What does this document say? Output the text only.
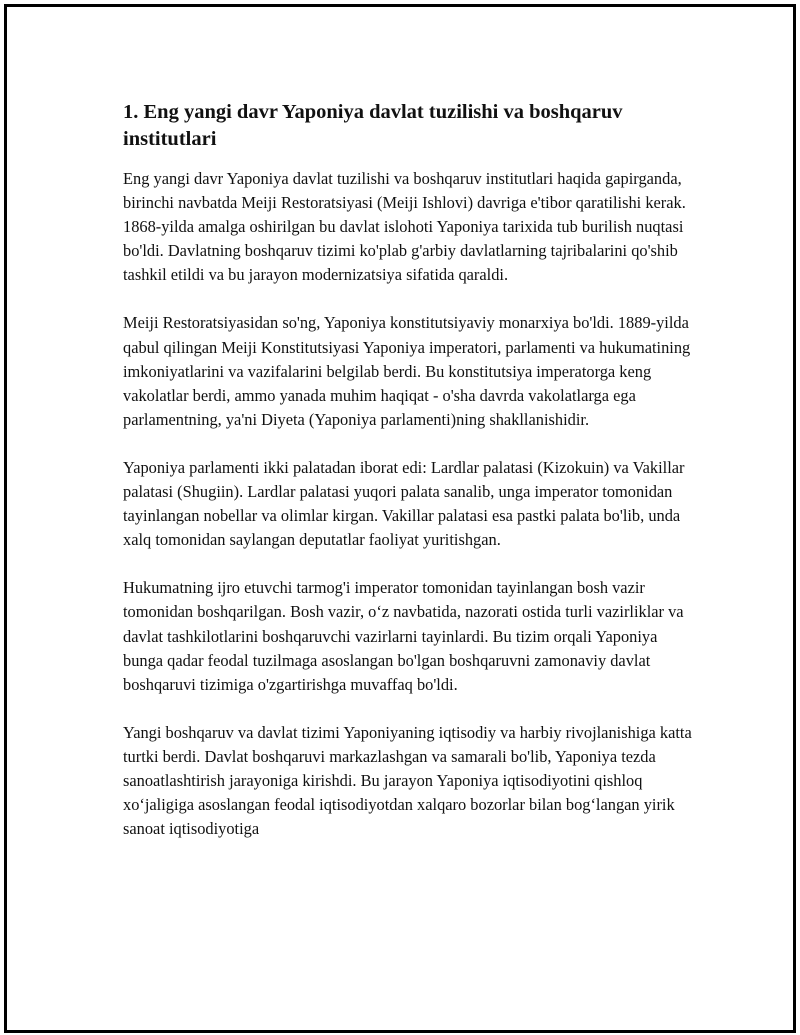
1. Eng yangi davr Yaponiya davlat tuzilishi va boshqaruv institutlari

Eng yangi davr Yaponiya davlat tuzilishi va boshqaruv institutlari haqida gapirganda, birinchi navbatda Meiji Restoratsiyasi (Meiji Ishlovi) davriga e'tibor qaratilishi kerak. 1868-yilda amalga oshirilgan bu davlat islohoti Yaponiya tarixida tub burilish nuqtasi bo'ldi. Davlatning boshqaruv tizimi ko'plab g'arbiy davlatlarning tajribalarini qo'shib tashkil etildi va bu jarayon modernizatsiya sifatida qaraldi.

Meiji Restoratsiyasidan so'ng, Yaponiya konstitutsiyaviy monarxiya bo'ldi. 1889-yilda qabul qilingan Meiji Konstitutsiyasi Yaponiya imperatori, parlamenti va hukumatining imkoniyatlarini va vazifalarini belgilab berdi. Bu konstitutsiya imperatorga keng vakolatlar berdi, ammo yanada muhim haqiqat - o'sha davrda vakolatlarga ega parlamentning, ya'ni Diyeta (Yaponiya parlamenti)ning shakllanishidir.

Yaponiya parlamenti ikki palatadan iborat edi: Lardlar palatasi (Kizokuin) va Vakillar palatasi (Shugiin). Lardlar palatasi yuqori palata sanalib, unga imperator tomonidan tayinlangan nobellar va olimlar kirgan. Vakillar palatasi esa pastki palata bo'lib, unda xalq tomonidan saylangan deputatlar faoliyat yuritishgan.

Hukumatning ijro etuvchi tarmog'i imperator tomonidan tayinlangan bosh vazir tomonidan boshqarilgan. Bosh vazir, o‘z navbatida, nazorati ostida turli vazirliklar va davlat tashkilotlarini boshqaruvchi vazirlarni tayinlardi. Bu tizim orqali Yaponiya bunga qadar feodal tuzilmaga asoslangan bo'lgan boshqaruvni zamonaviy davlat boshqaruvi tizimiga o'zgartirishga muvaffaq bo'ldi.

Yangi boshqaruv va davlat tizimi Yaponiyaning iqtisodiy va harbiy rivojlanishiga katta turtki berdi. Davlat boshqaruvi markazlashgan va samarali bo'lib, Yaponiya tezda sanoatlashtirish jarayoniga kirishdi. Bu jarayon Yaponiya iqtisodiyotini qishloq xo‘jaligiga asoslangan feodal iqtisodiyotdan xalqaro bozorlar bilan bog‘langan yirik sanoat iqtisodiyotiga
